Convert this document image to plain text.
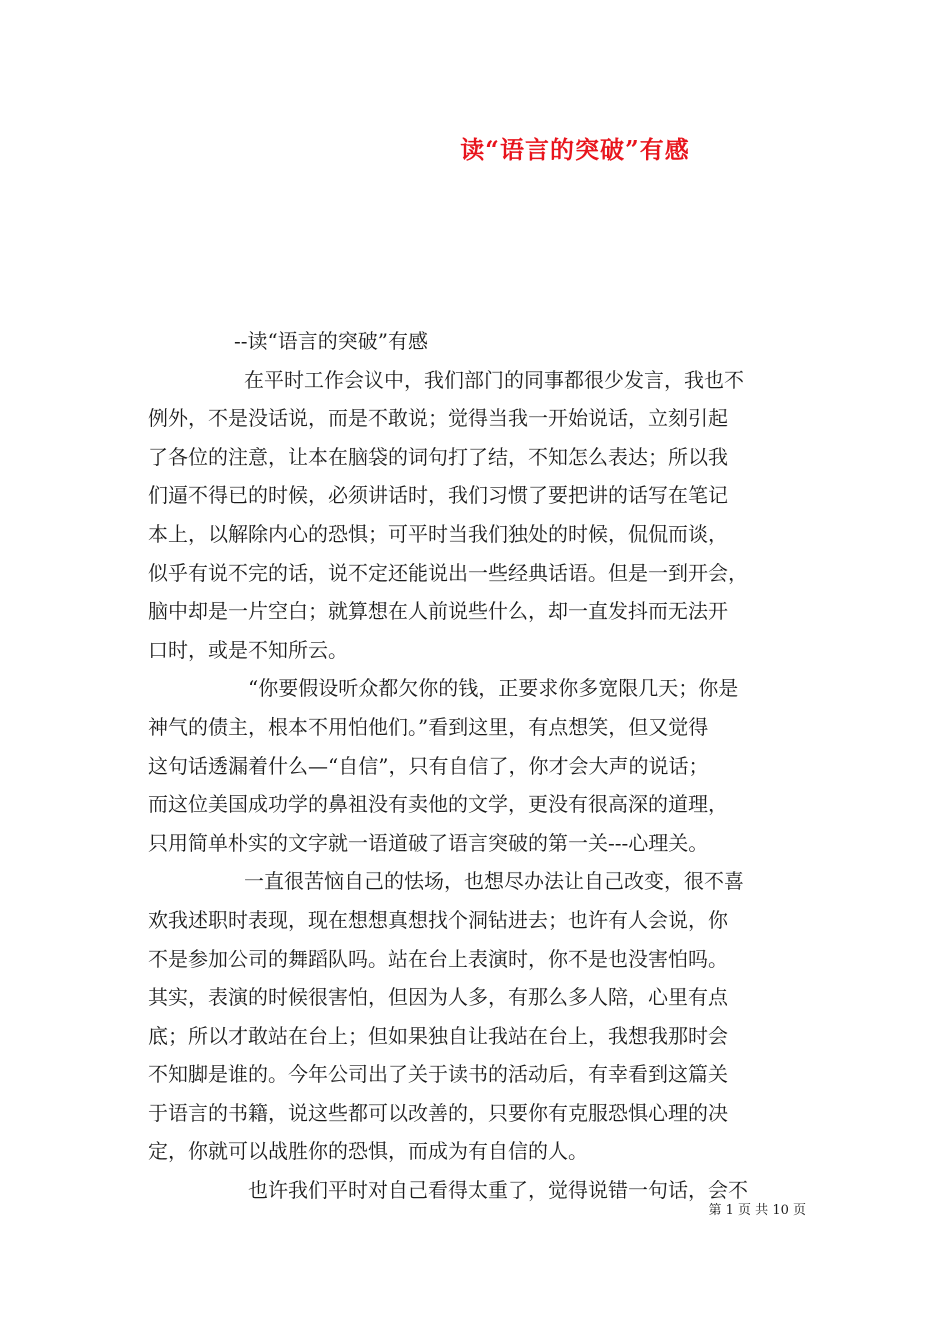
读“语言的突破”有感
--读“语言的突破”有感
在平时工作会议中，我们部门的同事都很少发言，我也不
例外，不是没话说，而是不敢说；觉得当我一开始说话，立刻引起
了各位的注意，让本在脑袋的词句打了结，不知怎么表达；所以我
们逼不得已的时候，必须讲话时，我们习惯了要把讲的话写在笔记
本上，以解除内心的恐惧；可平时当我们独处的时候，侃侃而谈，
似乎有说不完的话，说不定还能说出一些经典话语。但是一到开会，
脑中却是一片空白；就算想在人前说些什么，却一直发抖而无法开
口时，或是不知所云。
“你要假设听众都欠你的钱，正要求你多宽限几天；你是
神气的债主，根本不用怕他们。”看到这里，有点想笑，但又觉得
这句话透漏着什么—“自信”，只有自信了，你才会大声的说话；
而这位美国成功学的鼻祖没有卖他的文学，更没有很高深的道理，
只用简单朴实的文字就一语道破了语言突破的第一关---心理关。
一直很苦恼自己的怯场，也想尽办法让自己改变，很不喜
欢我述职时表现，现在想想真想找个洞钻进去；也许有人会说，你
不是参加公司的舞蹈队吗。站在台上表演时，你不是也没害怕吗。
其实，表演的时候很害怕，但因为人多，有那么多人陪，心里有点
底；所以才敢站在台上；但如果独自让我站在台上，我想我那时会
不知脚是谁的。今年公司出了关于读书的活动后，有幸看到这篇关
于语言的书籍，说这些都可以改善的，只要你有克服恐惧心理的决
定，你就可以战胜你的恐惧，而成为有自信的人。
也许我们平时对自己看得太重了，觉得说错一句话，会不
第 1 页 共 10 页
